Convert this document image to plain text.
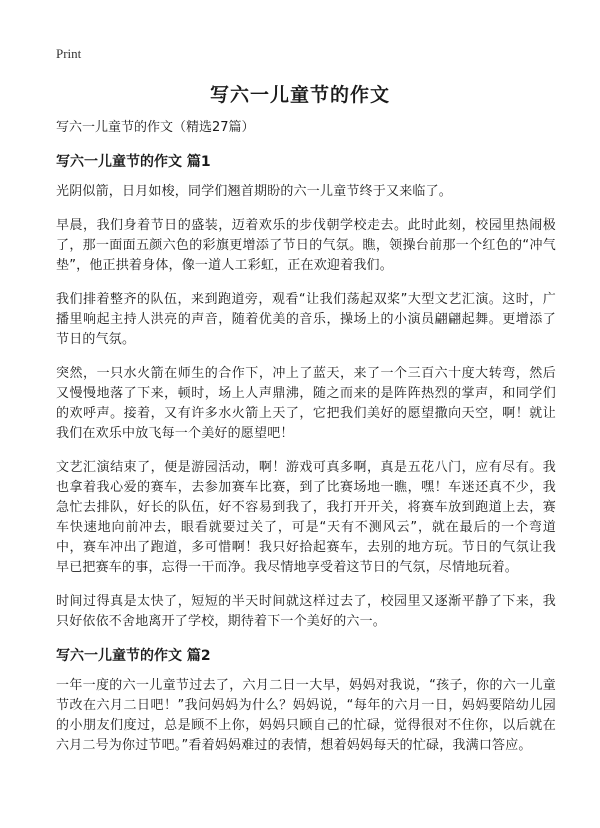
Print
写六一儿童节的作文
写六一儿童节的作文（精选27篇）
写六一儿童节的作文 篇1
光阴似箭，日月如梭，同学们翘首期盼的六一儿童节终于又来临了。
早晨，我们身着节日的盛装，迈着欢乐的步伐朝学校走去。此时此刻，校园里热闹极了，那一面面五颜六色的彩旗更增添了节日的气氛。瞧，领操台前那一个红色的“冲气垫”，他正拱着身体，像一道人工彩虹，正在欢迎着我们。
我们排着整齐的队伍，来到跑道旁，观看“让我们荡起双桨”大型文艺汇演。这时，广播里响起主持人洪亮的声音，随着优美的音乐，操场上的小演员翩翩起舞。更增添了节日的气氛。
突然，一只水火箭在师生的合作下，冲上了蓝天，来了一个三百六十度大转弯，然后又慢慢地落了下来，顿时，场上人声鼎沸，随之而来的是阵阵热烈的掌声，和同学们的欢呼声。接着，又有许多水火箭上天了，它把我们美好的愿望撒向天空，啊！就让我们在欢乐中放飞每一个美好的愿望吧！
文艺汇演结束了，便是游园活动，啊！游戏可真多啊，真是五花八门，应有尽有。我也拿着我心爱的赛车，去参加赛车比赛，到了比赛场地一瞧，嘿！车迷还真不少，我急忙去排队，好长的队伍，好不容易到我了，我打开开关，将赛车放到跑道上去，赛车快速地向前冲去，眼看就要过关了，可是“天有不测风云”，就在最后的一个弯道中，赛车冲出了跑道，多可惜啊！我只好拾起赛车，去别的地方玩。节日的气氛让我早已把赛车的事，忘得一干而净。我尽情地享受着这节日的气氛，尽情地玩着。
时间过得真是太快了，短短的半天时间就这样过去了，校园里又逐渐平静了下来，我只好依依不舍地离开了学校，期待着下一个美好的六一。
写六一儿童节的作文 篇2
一年一度的六一儿童节过去了，六月二日一大早，妈妈对我说，“孩子，你的六一儿童节改在六月二日吧！”我问妈妈为什么？妈妈说，“每年的六月一日，妈妈要陪幼儿园的小朋友们度过，总是顾不上你，妈妈只顾自己的忙碌，觉得很对不住你，以后就在六月二号为你过节吧。”看着妈妈难过的表情，想着妈妈每天的忙碌，我满口答应。
